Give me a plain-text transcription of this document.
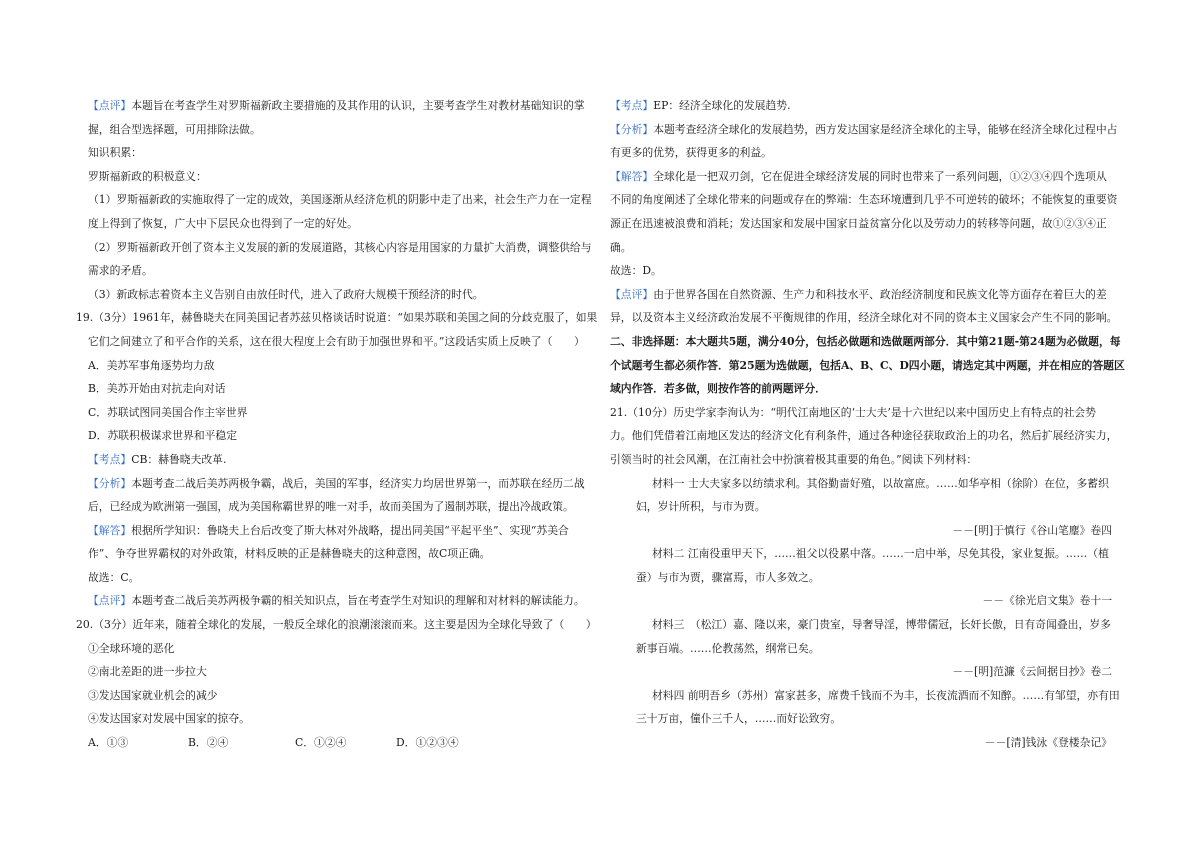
【点评】本题旨在考查学生对罗斯福新政主要措施的及其作用的认识，主要考查学生对教材基础知识的掌
握，组合型选择题，可用排除法做。
知识积累：
罗斯福新政的积极意义：
（1）罗斯福新政的实施取得了一定的成效，美国逐渐从经济危机的阴影中走了出来，社会生产力在一定程
度上得到了恢复，广大中下层民众也得到了一定的好处。
（2）罗斯福新政开创了资本主义发展的新的发展道路，其核心内容是用国家的力量扩大消费，调整供给与
需求的矛盾。
（3）新政标志着资本主义告别自由放任时代，进入了政府大规模干预经济的时代。
19.（3分）1961年，赫鲁晓夫在同美国记者苏兹贝格谈话时说道：“如果苏联和美国之间的分歧克服了，如果
它们之间建立了和平合作的关系，这在很大程度上会有助于加强世界和平。”这段话实质上反映了（　　）
A．美苏军事角逐势均力敌
B．美苏开始由对抗走向对话
C．苏联试图同美国合作主宰世界
D．苏联积极谋求世界和平稳定
【考点】CB：赫鲁晓夫改革.
【分析】本题考查二战后美苏两极争霸，战后，美国的军事，经济实力均居世界第一，而苏联在经历二战
后，已经成为欧洲第一强国，成为美国称霸世界的唯一对手，故而美国为了遏制苏联，提出冷战政策。
【解答】根据所学知识：鲁晓夫上台后改变了斯大林对外战略，提出同美国“平起平坐”、实现“苏美合
作”、争夺世界霸权的对外政策，材料反映的正是赫鲁晓夫的这种意图，故C项正确。
故选：C。
【点评】本题考查二战后美苏两极争霸的相关知识点，旨在考查学生对知识的理解和对材料的解读能力。
20.（3分）近年来，随着全球化的发展，一般反全球化的浪潮滚滚而来。这主要是因为全球化导致了（　　）
①全球环境的恶化
②南北差距的进一步拉大
③发达国家就业机会的减少
④发达国家对发展中国家的掠夺。
A．①③	B．②④	C．①②④	D．①②③④
【考点】EP：经济全球化的发展趋势.
【分析】本题考查经济全球化的发展趋势，西方发达国家是经济全球化的主导，能够在经济全球化过程中占
有更多的优势，获得更多的利益。
【解答】全球化是一把双刃剑，它在促进全球经济发展的同时也带来了一系列问题，①②③④四个选项从
不同的角度阐述了全球化带来的问题或存在的弊端：生态环境遭到几乎不可逆转的破坏；不能恢复的重要资
源正在迅速被浪费和消耗；发达国家和发展中国家日益贫富分化以及劳动力的转移等问题，故①②③④正
确。
故选：D。
【点评】由于世界各国在自然资源、生产力和科技水平、政治经济制度和民族文化等方面存在着巨大的差
异，以及资本主义经济政治发展不平衡规律的作用，经济全球化对不同的资本主义国家会产生不同的影响。
二、非选择题：本大题共5题，满分40分，包括必做题和选做题两部分．其中第21题-第24题为必做题，每
个试题考生都必须作答．第25题为选做题，包括A、B、C、D四小题，请选定其中两题，并在相应的答题区
域内作答．若多做，则按作答的前两题评分．
21.（10分）历史学家李洵认为：“明代江南地区的‘士大夫’是十六世纪以来中国历史上有特点的社会势
力。他们凭借着江南地区发达的经济文化有利条件，通过各种途径获取政治上的功名，然后扩展经济实力，
引领当时的社会风潮，在江南社会中扮演着极其重要的角色。”阅读下列材料：
材料一 士大夫家多以纺绩求利。其俗勤啬好殖，以故富庶。……如华亭相（徐阶）在位，多蓄织
妇，岁计所积，与市为贾。
－－[明]于慎行《谷山笔麈》卷四
材料二 江南役重甲天下，……祖父以役累中落。……一启中举，尽免其役，家业复振。……（植
蚕）与市为贾，骤富焉，市人多效之。
－－《徐光启文集》卷十一
材料三　（松江）嘉、隆以来，豪门贵室，导奢导淫，博带儒冠，长奸长傲，日有奇闻叠出，岁多
新事百端。……伦教荡然，纲常已矣。
－－[明]范濂《云间据目抄》卷二
材料四 前明吾乡（苏州）富家甚多，席费千钱而不为丰，长夜流酒而不知醉。……有邹望，亦有田
三十万亩，僮仆三千人，……而好讼致穷。
－－[清]钱泳《登楼杂记》
